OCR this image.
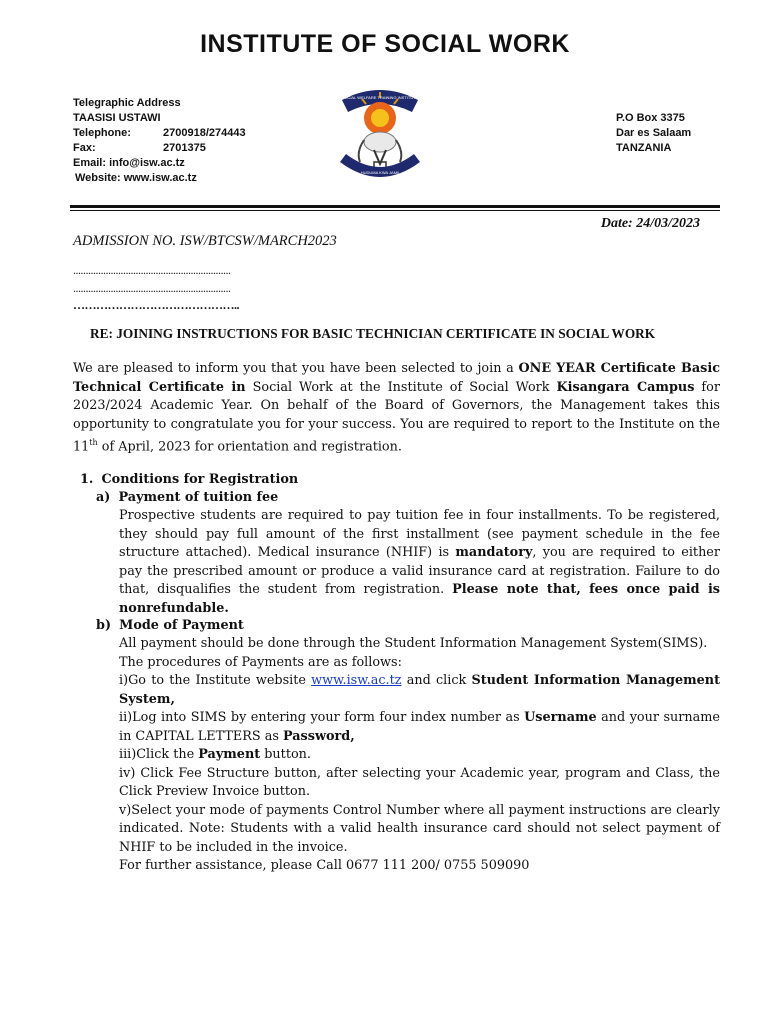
INSTITUTE OF SOCIAL WORK
Telegraphic Address
TAASISI USTAWI
Telephone:	2700918/274443
Fax:	2701375
Email: info@isw.ac.tz
Website: www.isw.ac.tz
P.O Box 3375
Dar es Salaam
TANZANIA
SOCIAL WELFARE TRAINING INSTITUTE
HUDUMA KWA JAMII
Date: 24/03/2023
ADMISSION NO. ISW/BTCSW/MARCH2023
...............................................................
...............................................................
……………………………………..
RE: JOINING INSTRUCTIONS FOR BASIC TECHNICIAN CERTIFICATE IN SOCIAL WORK
We are pleased to inform you that you have been selected to join a ONE YEAR Certificate Basic Technical Certificate in Social Work at the Institute of Social Work Kisangara Campus for 2023/2024 Academic Year. On behalf of the Board of Governors, the Management takes this opportunity to congratulate you for your success. You are required to report to the Institute on the 11th of April, 2023 for orientation and registration.
1. Conditions for Registration
a) Payment of tuition fee
Prospective students are required to pay tuition fee in four installments. To be registered, they should pay full amount of the first installment (see payment schedule in the fee structure attached). Medical insurance (NHIF) is mandatory, you are required to either pay the prescribed amount or produce a valid insurance card at registration. Failure to do that, disqualifies the student from registration. Please note that, fees once paid is nonrefundable.
b) Mode of Payment
All payment should be done through the Student Information Management System(SIMS).
The procedures of Payments are as follows:
i)Go to the Institute website www.isw.ac.tz and click Student Information Management System,
ii)Log into SIMS by entering your form four index number as Username and your surname in CAPITAL LETTERS as Password,
iii)Click the Payment button.
iv) Click Fee Structure button, after selecting your Academic year, program and Class, the Click Preview Invoice button.
v)Select your mode of payments Control Number where all payment instructions are clearly indicated. Note: Students with a valid health insurance card should not select payment of NHIF to be included in the invoice.
For further assistance, please Call 0677 111 200/ 0755 509090
